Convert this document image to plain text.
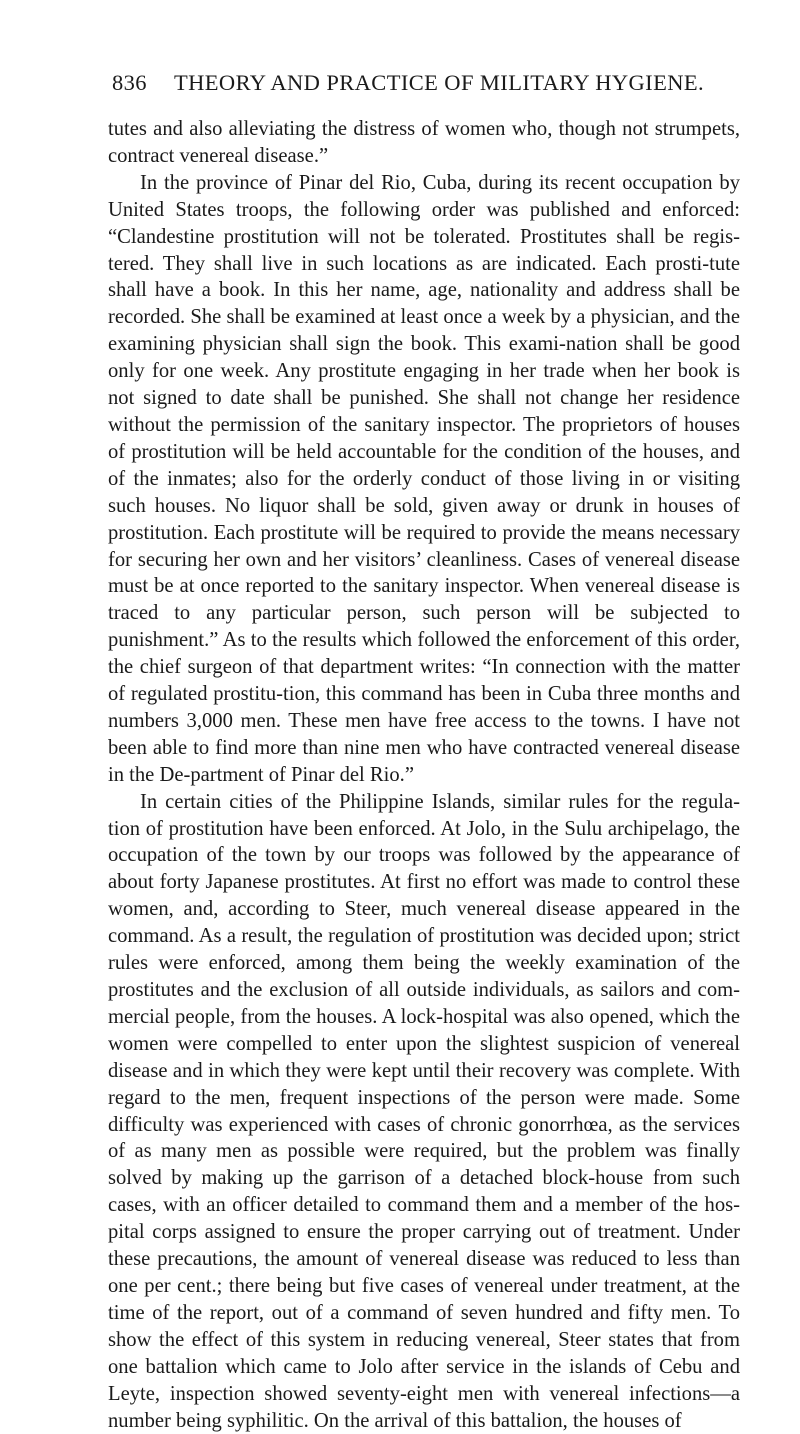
836 THEORY AND PRACTICE OF MILITARY HYGIENE.

tutes and also alleviating the distress of women who, though not strumpets, contract venereal disease.”

In the province of Pinar del Rio, Cuba, during its recent occupation by United States troops, the following order was published and enforced: “Clandestine prostitution will not be tolerated. Prostitutes shall be regis-tered. They shall live in such locations as are indicated. Each prosti-tute shall have a book. In this her name, age, nationality and address shall be recorded. She shall be examined at least once a week by a physician, and the examining physician shall sign the book. This exami-nation shall be good only for one week. Any prostitute engaging in her trade when her book is not signed to date shall be punished. She shall not change her residence without the permission of the sanitary inspector. The proprietors of houses of prostitution will be held accountable for the condition of the houses, and of the inmates; also for the orderly conduct of those living in or visiting such houses. No liquor shall be sold, given away or drunk in houses of prostitution. Each prostitute will be required to provide the means necessary for securing her own and her visitors’ cleanliness. Cases of venereal disease must be at once reported to the sanitary inspector. When venereal disease is traced to any particular person, such person will be subjected to punishment.” As to the results which followed the enforcement of this order, the chief surgeon of that department writes: “In connection with the matter of regulated prostitu-tion, this command has been in Cuba three months and numbers 3,000 men. These men have free access to the towns. I have not been able to find more than nine men who have contracted venereal disease in the De-partment of Pinar del Rio.”

In certain cities of the Philippine Islands, similar rules for the regula-tion of prostitution have been enforced. At Jolo, in the Sulu archipelago, the occupation of the town by our troops was followed by the appearance of about forty Japanese prostitutes. At first no effort was made to control these women, and, according to Steer, much venereal disease appeared in the command. As a result, the regulation of prostitution was decided upon; strict rules were enforced, among them being the weekly examination of the prostitutes and the exclusion of all outside individuals, as sailors and com-mercial people, from the houses. A lock-hospital was also opened, which the women were compelled to enter upon the slightest suspicion of venereal disease and in which they were kept until their recovery was complete. With regard to the men, frequent inspections of the person were made. Some difficulty was experienced with cases of chronic gonorrhœa, as the services of as many men as possible were required, but the problem was finally solved by making up the garrison of a detached block-house from such cases, with an officer detailed to command them and a member of the hos-pital corps assigned to ensure the proper carrying out of treatment. Under these precautions, the amount of venereal disease was reduced to less than one per cent.; there being but five cases of venereal under treatment, at the time of the report, out of a command of seven hundred and fifty men. To show the effect of this system in reducing venereal, Steer states that from one battalion which came to Jolo after service in the islands of Cebu and Leyte, inspection showed seventy-eight men with venereal infections—a number being syphilitic. On the arrival of this battalion, the houses of
